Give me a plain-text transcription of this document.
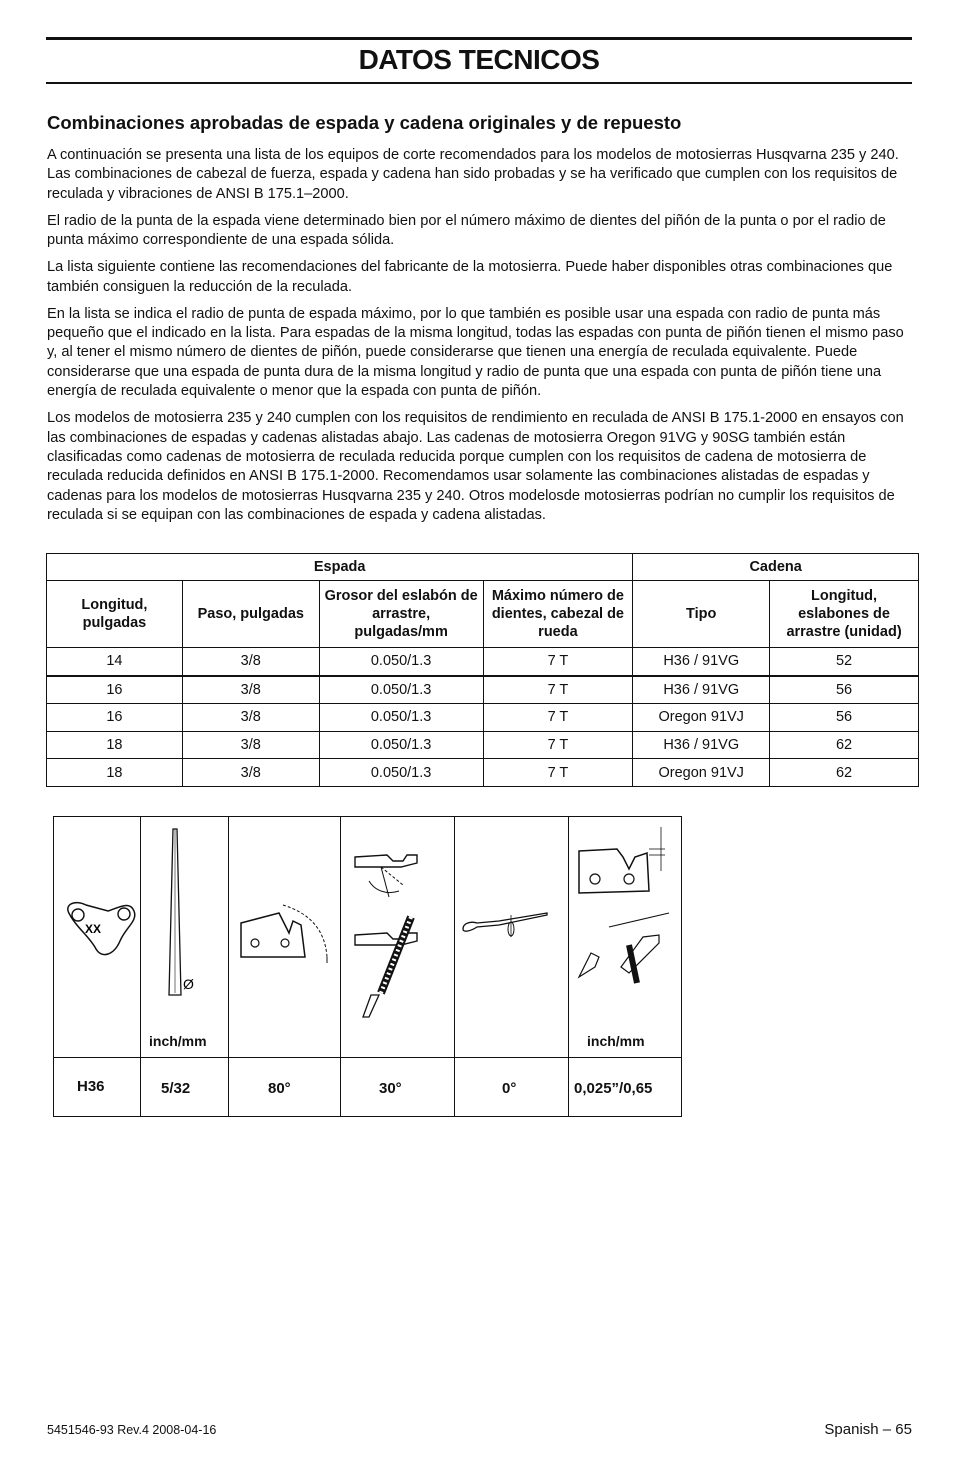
DATOS TECNICOS
Combinaciones aprobadas de espada y cadena originales y de repuesto

A continuación se presenta una lista de los equipos de corte recomendados para los modelos de motosierras Husqvarna 235 y 240. Las combinaciones de cabezal de fuerza, espada y cadena han sido probadas y se ha verificado que cumplen con los requisitos de reculada y vibraciones de ANSI B 175.1–2000.

El radio de la punta de la espada viene determinado bien por el número máximo de dientes del piñón de la punta o por el radio de punta máximo correspondiente de una espada sólida.

La lista siguiente contiene las recomendaciones del fabricante de la motosierra. Puede haber disponibles otras combinaciones que también consiguen la reducción de la reculada.

En la lista se indica el radio de punta de espada máximo, por lo que también es posible usar una espada con radio de punta más pequeño que el indicado en la lista. Para espadas de la misma longitud, todas las espadas con punta de piñón tienen el mismo paso y, al tener el mismo número de dientes de piñón, puede considerarse que tienen una energía de reculada equivalente. Puede considerarse que una espada de punta dura de la misma longitud y radio de punta que una espada con punta de piñón tiene una energía de reculada equivalente o menor que la espada con punta de piñón.

Los modelos de motosierra 235 y 240 cumplen con los requisitos de rendimiento en reculada de ANSI B 175.1-2000 en ensayos con las combinaciones de espadas y cadenas alistadas abajo. Las cadenas de motosierra Oregon 91VG y 90SG también están clasificadas como cadenas de motosierra de reculada reducida porque cumplen con los requisitos de cadena de motosierra de reculada reducida definidos en ANSI B 175.1-2000. Recomendamos usar solamente las combinaciones alistadas de espadas y cadenas para los modelos de motosierras Husqvarna 235 y 240. Otros modelosde motosierras podrían no cumplir los requisitos de reculada si se equipan con las combinaciones de espada y cadena alistadas.

Espada				Cadena	
Longitud, pulgadas	Paso, pulgadas	Grosor del eslabón de arrastre, pulgadas/mm	Máximo número de dientes, cabezal de rueda	Tipo	Longitud, eslabones de arrastre (unidad)
14	3/8	0.050/1.3	7 T	H36 / 91VG	52
16	3/8	0.050/1.3	7 T	H36 / 91VG	56
16	3/8	0.050/1.3	7 T	Oregon 91VJ	56
18	3/8	0.050/1.3	7 T	H36 / 91VG	62
18	3/8	0.050/1.3	7 T	Oregon 91VJ	62
XX
Ø
inch/mm	inch/mm
H36	5/32	80°	30°	0°	0,025”/0,65
5451546-93 Rev.4 2008-04-16	Spanish – 65
